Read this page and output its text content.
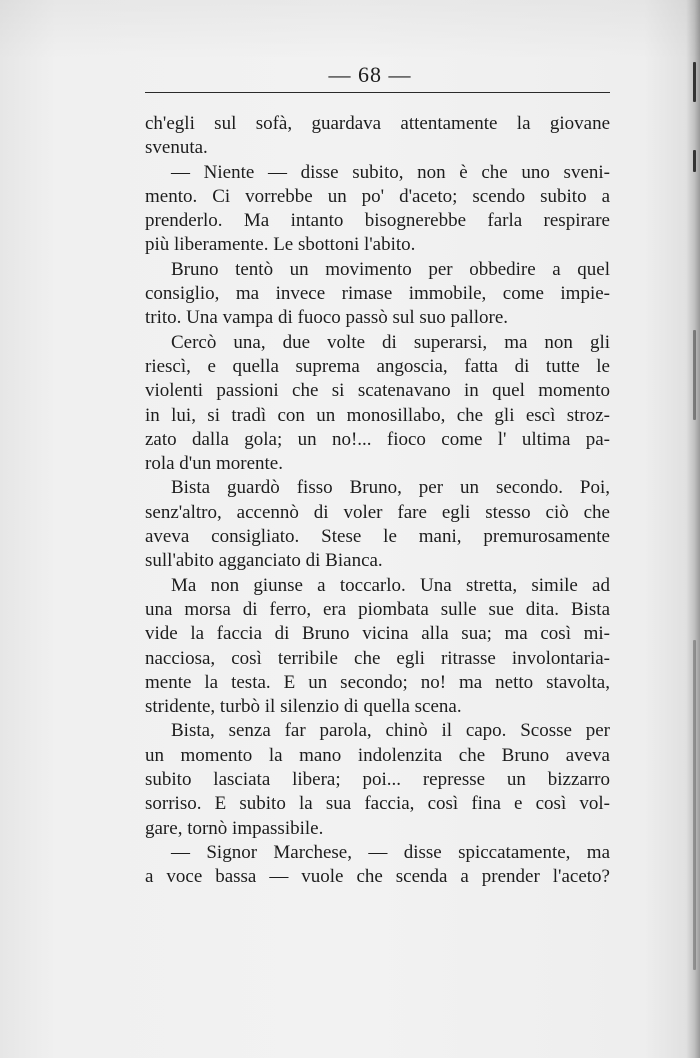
— 68 —
ch'egli sul sofà, guardava attentamente la giovane
svenuta.
— Niente — disse subito, non è che uno sveni-
mento. Ci vorrebbe un po' d'aceto; scendo subito a
prenderlo. Ma intanto bisognerebbe farla respirare
più liberamente. Le sbottoni l'abito.
Bruno tentò un movimento per obbedire a quel
consiglio, ma invece rimase immobile, come impie-
trito. Una vampa di fuoco passò sul suo pallore.
Cercò una, due volte di superarsi, ma non gli
riescì, e quella suprema angoscia, fatta di tutte le
violenti passioni che si scatenavano in quel momento
in lui, si tradì con un monosillabo, che gli escì stroz-
zato dalla gola; un no!... fioco come l' ultima pa-
rola d'un morente.
Bista guardò fisso Bruno, per un secondo. Poi,
senz'altro, accennò di voler fare egli stesso ciò che
aveva consigliato. Stese le mani, premurosamente
sull'abito agganciato di Bianca.
Ma non giunse a toccarlo. Una stretta, simile ad
una morsa di ferro, era piombata sulle sue dita. Bista
vide la faccia di Bruno vicina alla sua; ma così mi-
nacciosa, così terribile che egli ritrasse involontaria-
mente la testa. E un secondo; no! ma netto stavolta,
stridente, turbò il silenzio di quella scena.
Bista, senza far parola, chinò il capo. Scosse per
un momento la mano indolenzita che Bruno aveva
subito lasciata libera; poi... represse un bizzarro
sorriso. E subito la sua faccia, così fina e così vol-
gare, tornò impassibile.
— Signor Marchese, — disse spiccatamente, ma
a voce bassa — vuole che scenda a prender l'aceto?
